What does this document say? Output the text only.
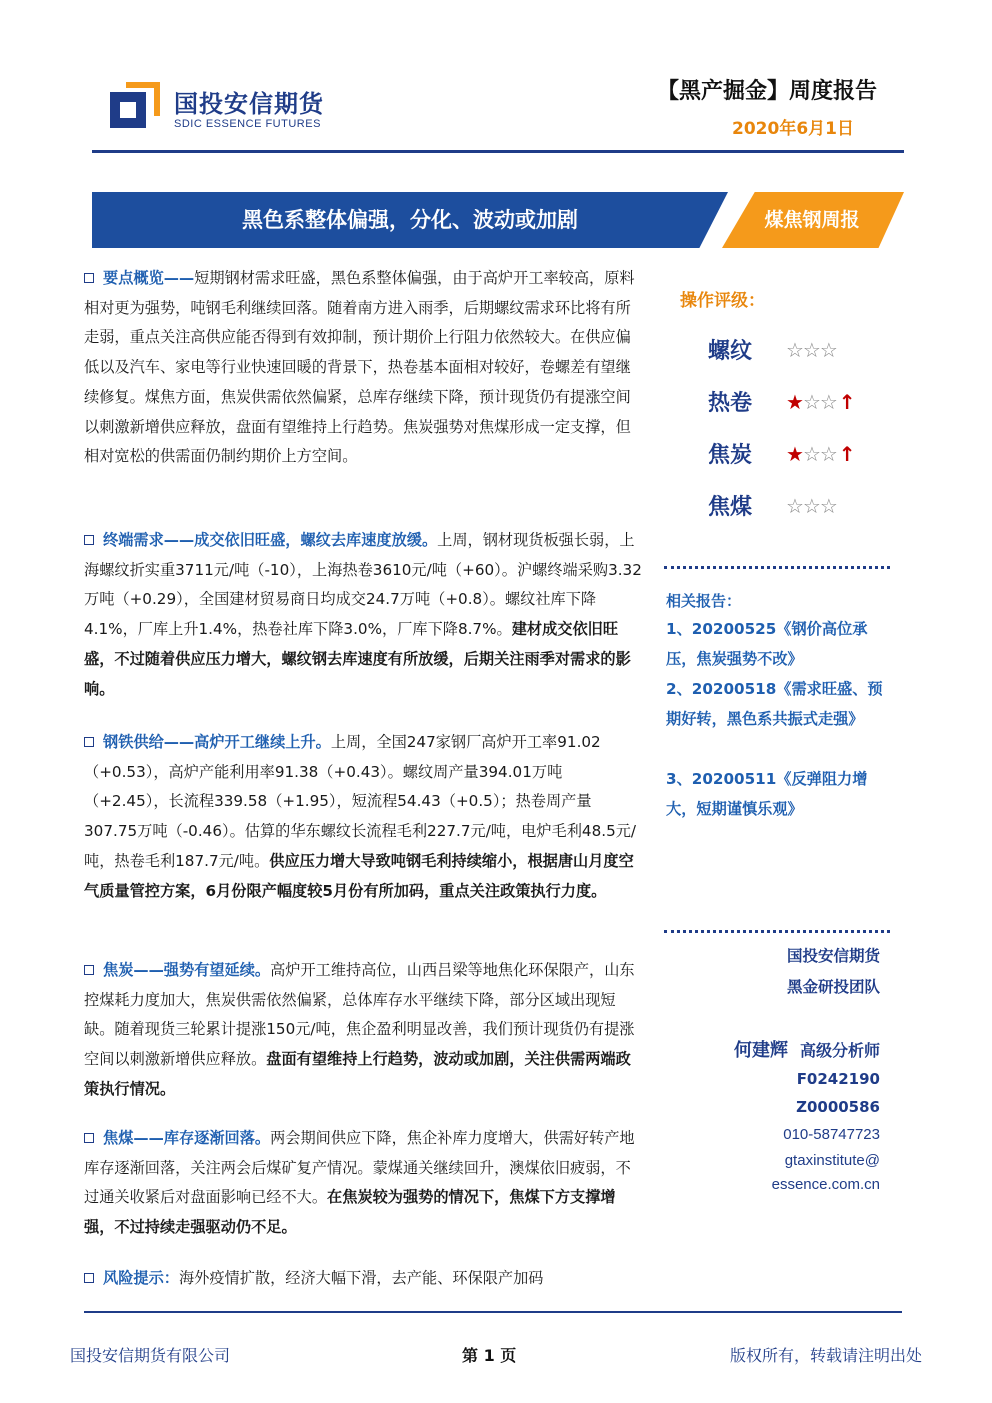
国投安信期货
SDIC ESSENCE FUTURES
【黑产掘金】周度报告
2020年6月1日
黑色系整体偏强，分化、波动或加剧	煤焦钢周报
要点概览——短期钢材需求旺盛，黑色系整体偏强，由于高炉开工率较高，原料相对更为强势，吨钢毛利继续回落。随着南方进入雨季，后期螺纹需求环比将有所走弱，重点关注高供应能否得到有效抑制，预计期价上行阻力依然较大。在供应偏低以及汽车、家电等行业快速回暖的背景下，热卷基本面相对较好，卷螺差有望继续修复。煤焦方面，焦炭供需依然偏紧，总库存继续下降，预计现货仍有提涨空间以刺激新增供应释放，盘面有望维持上行趋势。焦炭强势对焦煤形成一定支撑，但相对宽松的供需面仍制约期价上方空间。
终端需求——成交依旧旺盛，螺纹去库速度放缓。上周，钢材现货板强长弱，上海螺纹折实重3711元/吨（-10），上海热卷3610元/吨（+60）。沪螺终端采购3.32万吨（+0.29），全国建材贸易商日均成交24.7万吨（+0.8）。螺纹社库下降4.1%，厂库上升1.4%，热卷社库下降3.0%，厂库下降8.7%。建材成交依旧旺盛，不过随着供应压力增大，螺纹钢去库速度有所放缓，后期关注雨季对需求的影响。
钢铁供给——高炉开工继续上升。上周，全国247家钢厂高炉开工率91.02（+0.53），高炉产能利用率91.38（+0.43）。螺纹周产量394.01万吨（+2.45），长流程339.58（+1.95），短流程54.43（+0.5）；热卷周产量307.75万吨（-0.46）。估算的华东螺纹长流程毛利227.7元/吨，电炉毛利48.5元/吨，热卷毛利187.7元/吨。供应压力增大导致吨钢毛利持续缩小，根据唐山月度空气质量管控方案，6月份限产幅度较5月份有所加码，重点关注政策执行力度。
焦炭——强势有望延续。高炉开工维持高位，山西吕梁等地焦化环保限产，山东控煤耗力度加大，焦炭供需依然偏紧，总体库存水平继续下降，部分区域出现短缺。随着现货三轮累计提涨150元/吨，焦企盈利明显改善，我们预计现货仍有提涨空间以刺激新增供应释放。盘面有望维持上行趋势，波动或加剧，关注供需两端政策执行情况。
焦煤——库存逐渐回落。两会期间供应下降，焦企补库力度增大，供需好转产地库存逐渐回落，关注两会后煤矿复产情况。蒙煤通关继续回升，澳煤依旧疲弱，不过通关收紧后对盘面影响已经不大。在焦炭较为强势的情况下，焦煤下方支撑增强，不过持续走强驱动仍不足。
风险提示：海外疫情扩散，经济大幅下滑，去产能、环保限产加码
操作评级：
螺纹 ☆☆☆
热卷 ★☆☆ ↑
焦炭 ★☆☆ ↑
焦煤 ☆☆☆
相关报告：
1、20200525《钢价高位承压，焦炭强势不改》
2、20200518《需求旺盛、预期好转，黑色系共振式走强》
3、20200511《反弹阻力增大，短期谨慎乐观》
国投安信期货
黑金研投团队
何建辉 高级分析师
F0242190
Z0000586
010-58747723
gtaxinstitute@
essence.com.cn
国投安信期货有限公司	第 1 页	版权所有，转载请注明出处
